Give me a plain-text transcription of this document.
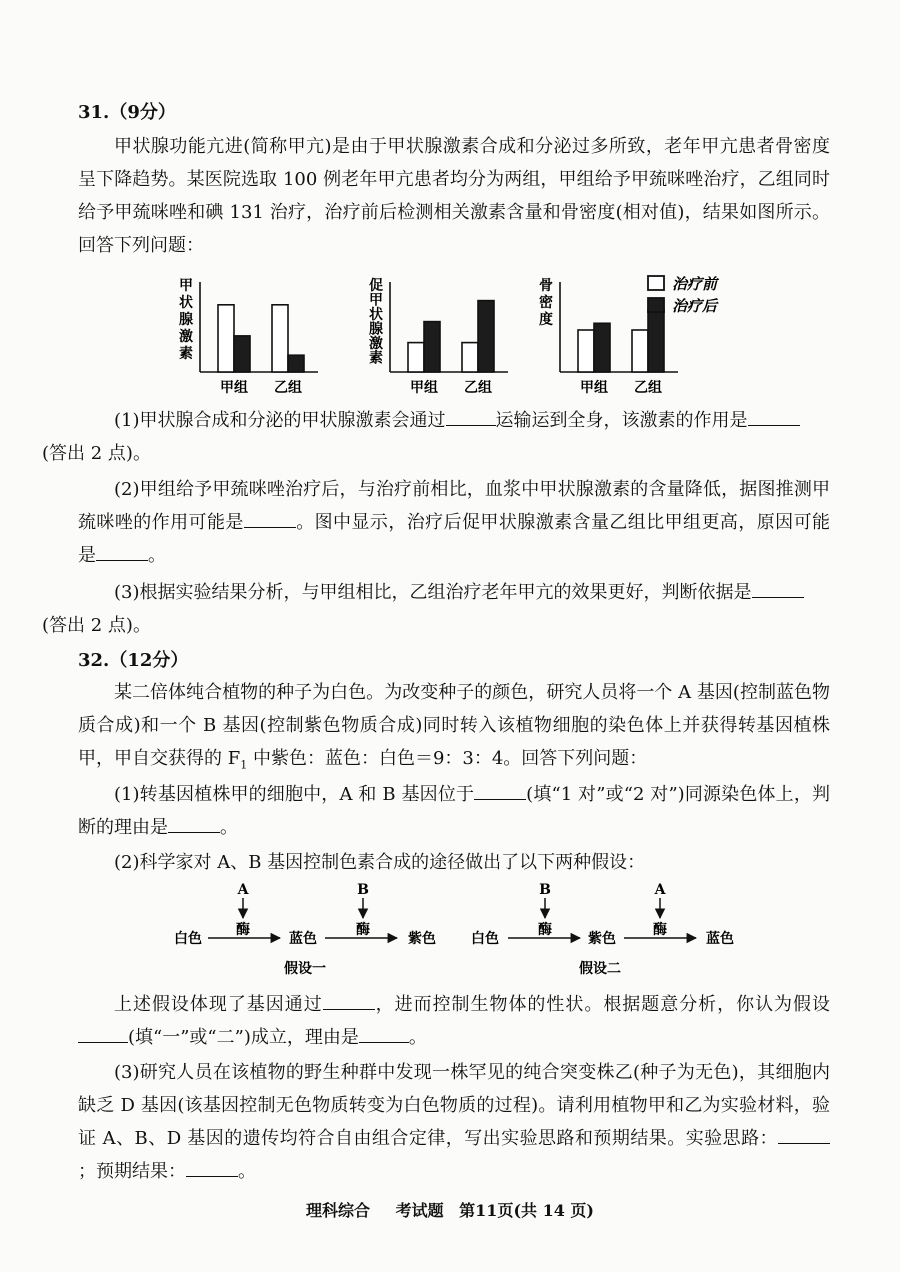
31.（9分）

甲状腺功能亢进(简称甲亢)是由于甲状腺激素合成和分泌过多所致，老年甲亢患者骨密度呈下降趋势。某医院选取 100 例老年甲亢患者均分为两组，甲组给予甲巯咪唑治疗，乙组同时给予甲巯咪唑和碘 131 治疗，治疗前后检测相关激素含量和骨密度(相对值)，结果如图所示。回答下列问题：

甲
状
腺
激
素
甲组 乙组
促
甲
状
腺
激
素
甲组 乙组
骨
密
度
甲组 乙组
治疗前
治疗后

(1)甲状腺合成和分泌的甲状腺激素会通过	运输运到全身，该激素的作用是
(答出 2 点)。

(2)甲组给予甲巯咪唑治疗后，与治疗前相比，血浆中甲状腺激素的含量降低，据图推测甲巯咪唑的作用可能是	。图中显示，治疗后促甲状腺激素含量乙组比甲组更高，原因可能是	。

(3)根据实验结果分析，与甲组相比，乙组治疗老年甲亢的效果更好，判断依据是
(答出 2 点)。

32.（12分）

某二倍体纯合植物的种子为白色。为改变种子的颜色，研究人员将一个 A 基因(控制蓝色物质合成)和一个 B 基因(控制紫色物质合成)同时转入该植物细胞的染色体上并获得转基因植株甲，甲自交获得的 $F_1$ 中紫色：蓝色：白色＝9：3：4。回答下列问题：

(1)转基因植株甲的细胞中，A 和 B 基因位于	(填“1 对”或“2 对”)同源染色体上，判断的理由是	。

(2)科学家对 A、B 基因控制色素合成的途径做出了以下两种假设：

A
酶
B
酶
白色	蓝色	紫色
假设一
B
酶
A
酶
白色	紫色	蓝色
假设二

上述假设体现了基因通过	，进而控制生物体的性状。根据题意分析，你认为假设(填“一”或“二”)成立，理由是	。

(3)研究人员在该植物的野生种群中发现一株罕见的纯合突变株乙(种子为无色)，其细胞内缺乏 D 基因(该基因控制无色物质转变为白色物质的过程)。请利用植物甲和乙为实验材料，验证 A、B、D 基因的遗传均符合自由组合定律，写出实验思路和预期结果。实验思路：；预期结果：	。

理科综合 考试题 第11页(共 14 页)
